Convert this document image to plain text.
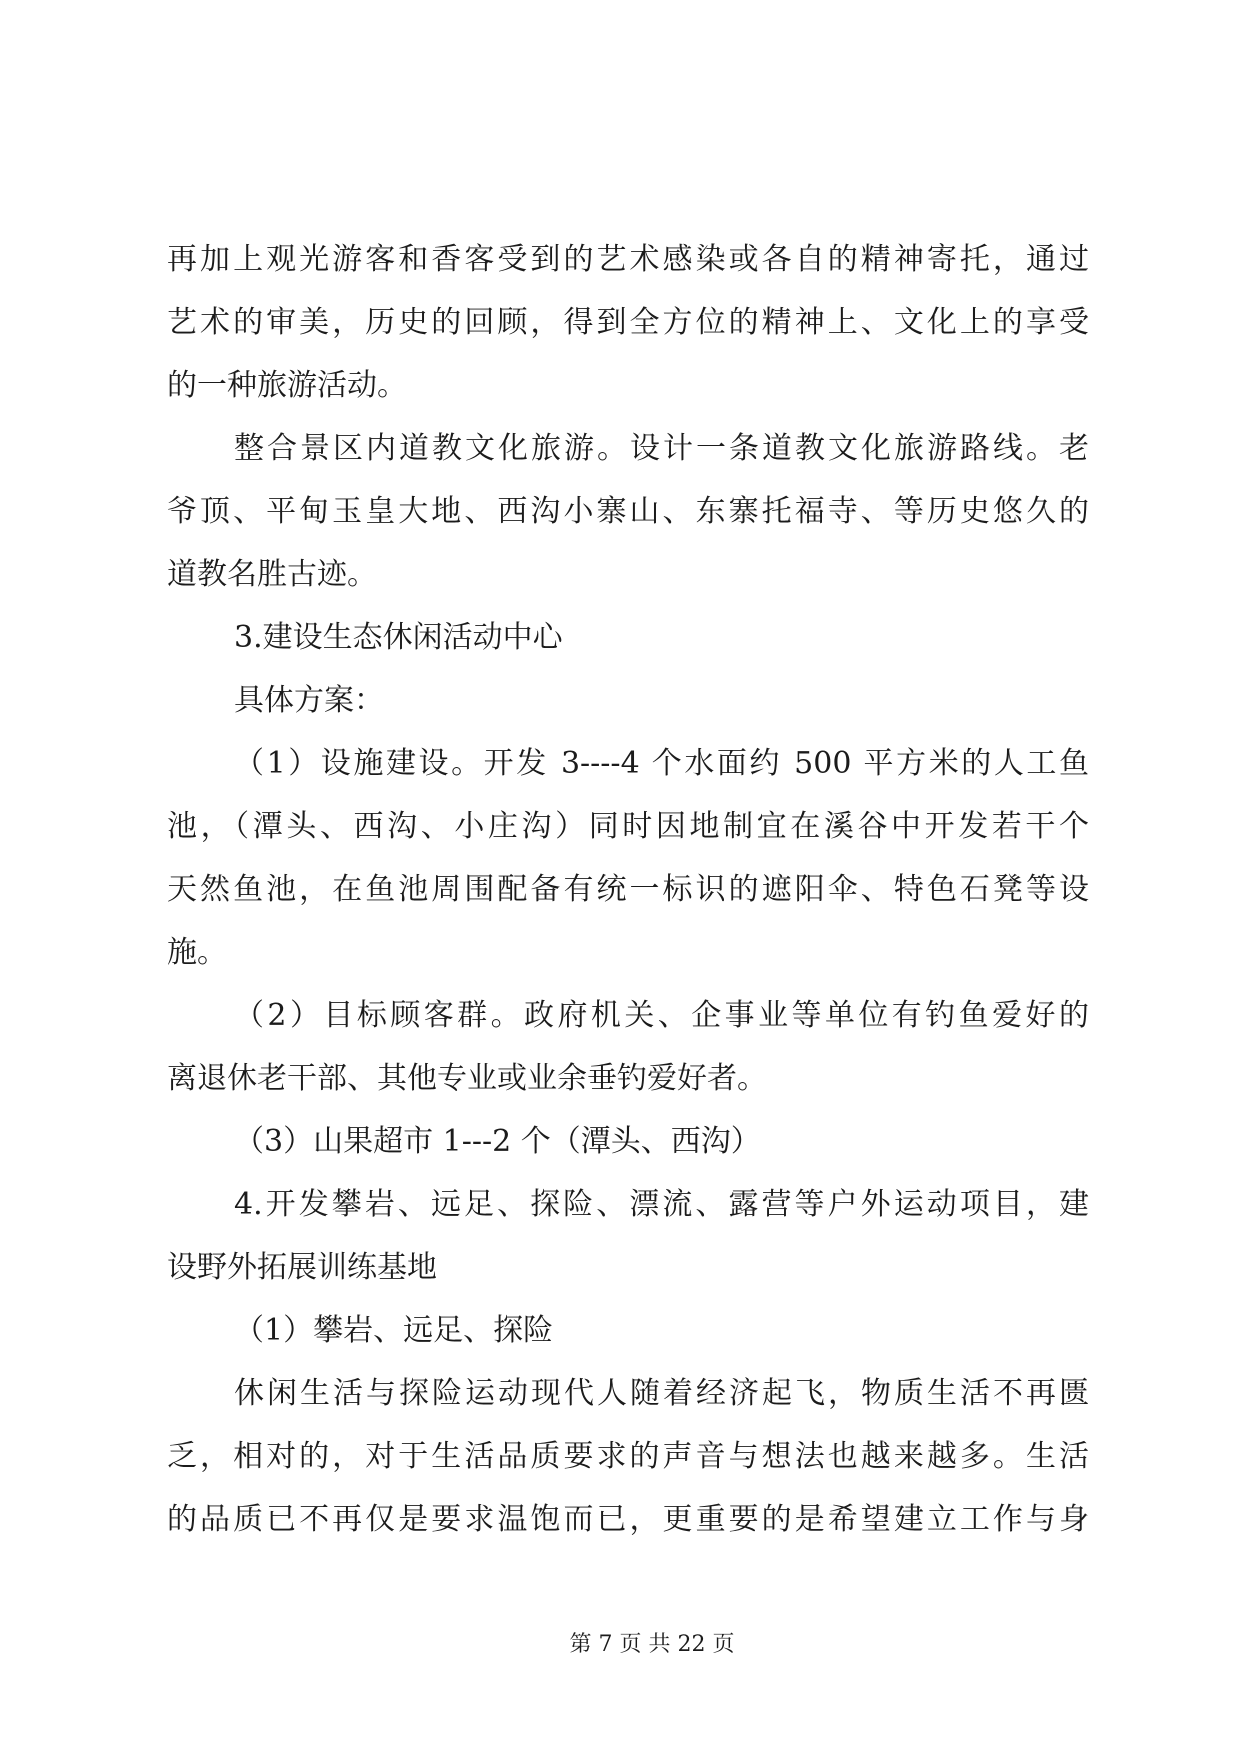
再加上观光游客和香客受到的艺术感染或各自的精神寄托，通过
艺术的审美，历史的回顾，得到全方位的精神上、文化上的享受
的一种旅游活动。
整合景区内道教文化旅游。设计一条道教文化旅游路线。老
爷顶、平甸玉皇大地、西沟小寨山、东寨托福寺、等历史悠久的
道教名胜古迹。
3.建设生态休闲活动中心
具体方案：
（1）设施建设。开发 3----4 个水面约 500 平方米的人工鱼
池，（潭头、西沟、小庄沟）同时因地制宜在溪谷中开发若干个
天然鱼池，在鱼池周围配备有统一标识的遮阳伞、特色石凳等设
施。
（2）目标顾客群。政府机关、企事业等单位有钓鱼爱好的
离退休老干部、其他专业或业余垂钓爱好者。
（3）山果超市 1---2 个（潭头、西沟）
4.开发攀岩、远足、探险、漂流、露营等户外运动项目，建
设野外拓展训练基地
（1）攀岩、远足、探险
休闲生活与探险运动现代人随着经济起飞，物质生活不再匮
乏，相对的，对于生活品质要求的声音与想法也越来越多。生活
的品质已不再仅是要求温饱而已，更重要的是希望建立工作与身
第 7 页 共 22 页
